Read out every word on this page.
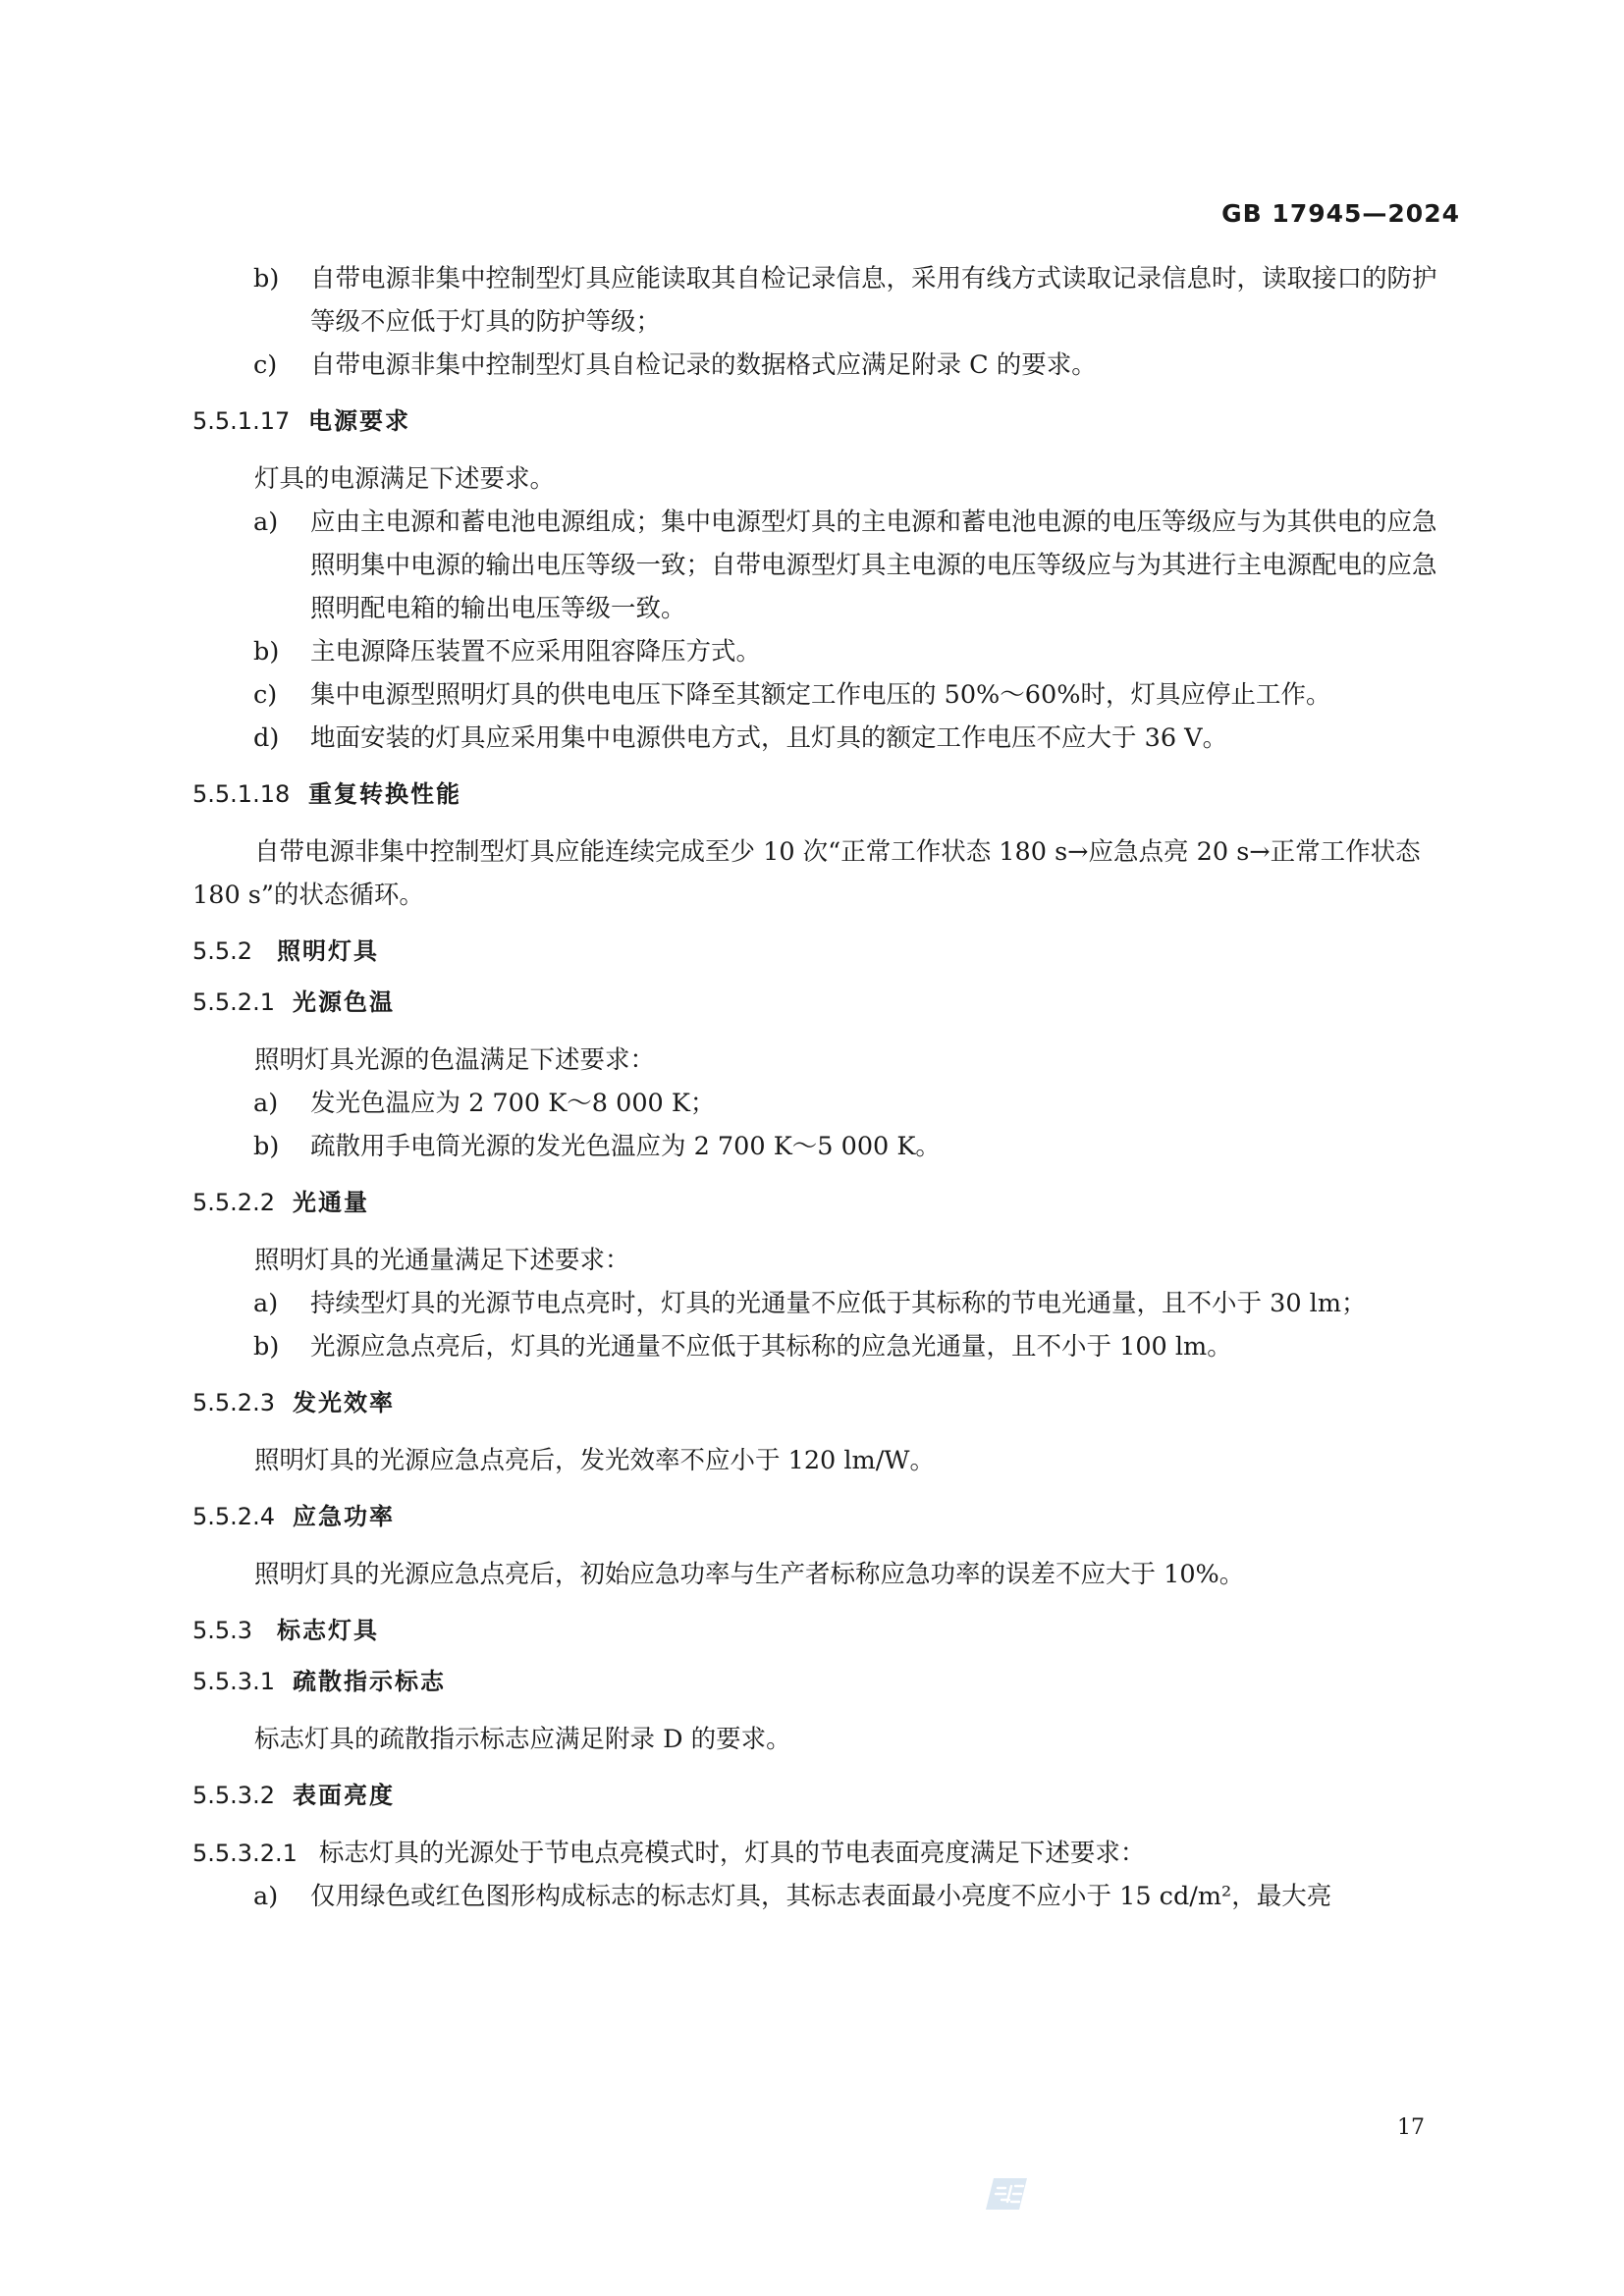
GB 17945—2024
b) 自带电源非集中控制型灯具应能读取其自检记录信息，采用有线方式读取记录信息时，读取接口的防护等级不应低于灯具的防护等级；
c) 自带电源非集中控制型灯具自检记录的数据格式应满足附录 C 的要求。
5.5.1.17 电源要求

灯具的电源满足下述要求。

a) 应由主电源和蓄电池电源组成；集中电源型灯具的主电源和蓄电池电源的电压等级应与为其供电的应急照明集中电源的输出电压等级一致；自带电源型灯具主电源的电压等级应与为其进行主电源配电的应急照明配电箱的输出电压等级一致。
b) 主电源降压装置不应采用阻容降压方式。
c) 集中电源型照明灯具的供电电压下降至其额定工作电压的 50%～60%时，灯具应停止工作。
d) 地面安装的灯具应采用集中电源供电方式，且灯具的额定工作电压不应大于 36 V。
5.5.1.18 重复转换性能

自带电源非集中控制型灯具应能连续完成至少 10 次“正常工作状态 180 s→应急点亮 20 s→正常工作状态 180 s”的状态循环。

5.5.2 照明灯具
5.5.2.1 光源色温

照明灯具光源的色温满足下述要求：

a) 发光色温应为 2 700 K～8 000 K；
b) 疏散用手电筒光源的发光色温应为 2 700 K～5 000 K。
5.5.2.2 光通量

照明灯具的光通量满足下述要求：

a) 持续型灯具的光源节电点亮时，灯具的光通量不应低于其标称的节电光通量，且不小于 30 lm；
b) 光源应急点亮后，灯具的光通量不应低于其标称的应急光通量，且不小于 100 lm。
5.5.2.3 发光效率

照明灯具的光源应急点亮后，发光效率不应小于 120 lm/W。

5.5.2.4 应急功率

照明灯具的光源应急点亮后，初始应急功率与生产者标称应急功率的误差不应大于 10%。

5.5.3 标志灯具
5.5.3.1 疏散指示标志

标志灯具的疏散指示标志应满足附录 D 的要求。

5.5.3.2 表面亮度
5.5.3.2.1 标志灯具的光源处于节电点亮模式时，灯具的节电表面亮度满足下述要求：
a) 仅用绿色或红色图形构成标志的标志灯具，其标志表面最小亮度不应小于 15 cd/m²，最大亮
17
